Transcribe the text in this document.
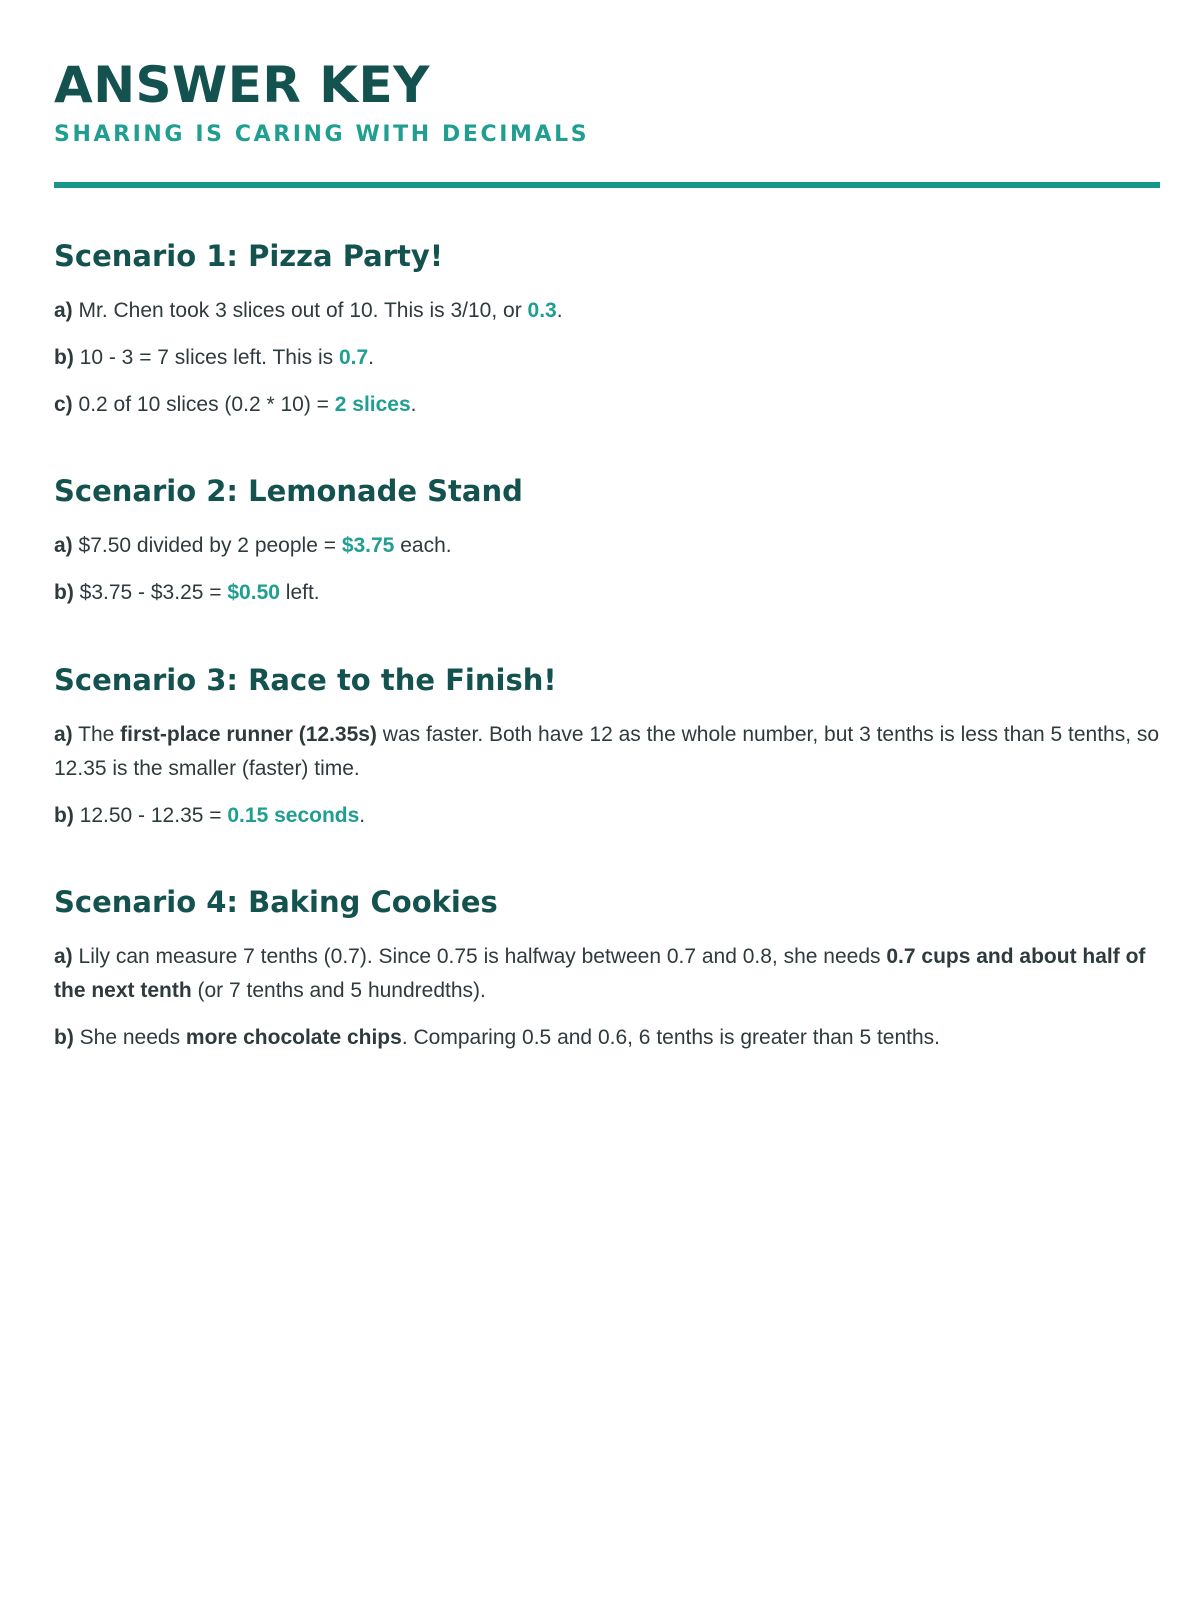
ANSWER KEY
SHARING IS CARING WITH DECIMALS
Scenario 1: Pizza Party!

a) Mr. Chen took 3 slices out of 10. This is 3/10, or 0.3.

b) 10 - 3 = 7 slices left. This is 0.7.

c) 0.2 of 10 slices (0.2 * 10) = 2 slices.

Scenario 2: Lemonade Stand

a) $7.50 divided by 2 people = $3.75 each.

b) $3.75 - $3.25 = $0.50 left.

Scenario 3: Race to the Finish!

a) The first-place runner (12.35s) was faster. Both have 12 as the whole number, but 3 tenths is less than 5 tenths, so 12.35 is the smaller (faster) time.

b) 12.50 - 12.35 = 0.15 seconds.

Scenario 4: Baking Cookies

a) Lily can measure 7 tenths (0.7). Since 0.75 is halfway between 0.7 and 0.8, she needs 0.7 cups and about half of the next tenth (or 7 tenths and 5 hundredths).

b) She needs more chocolate chips. Comparing 0.5 and 0.6, 6 tenths is greater than 5 tenths.
